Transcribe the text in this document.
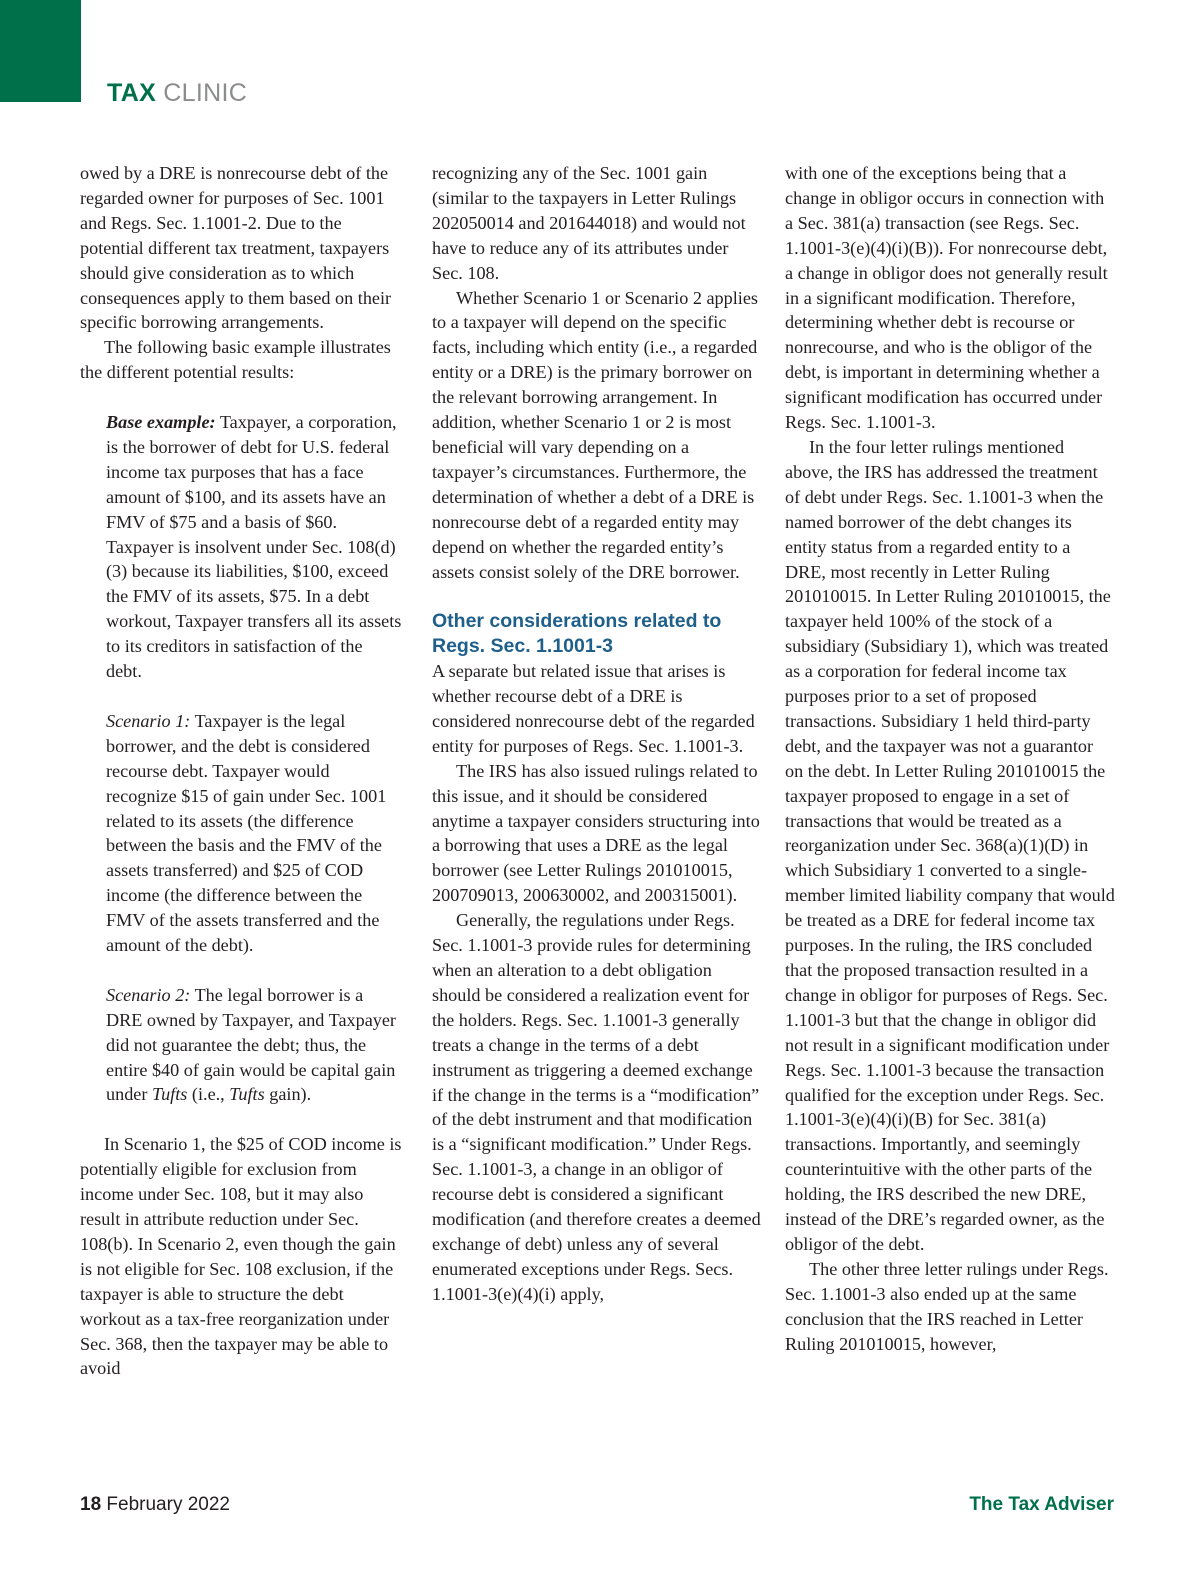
TAX CLINIC

owed by a DRE is nonrecourse debt of the regarded owner for purposes of Sec. 1001 and Regs. Sec. 1.1001-2. Due to the potential different tax treatment, taxpayers should give consideration as to which consequences apply to them based on their specific borrowing arrangements.

The following basic example illustrates the different potential results:

Base example: Taxpayer, a corporation, is the borrower of debt for U.S. federal income tax purposes that has a face amount of $100, and its assets have an FMV of $75 and a basis of $60. Taxpayer is insolvent under Sec. 108(d)(3) because its liabilities, $100, exceed the FMV of its assets, $75. In a debt workout, Taxpayer transfers all its assets to its creditors in satisfaction of the debt.

Scenario 1: Taxpayer is the legal borrower, and the debt is considered recourse debt. Taxpayer would recognize $15 of gain under Sec. 1001 related to its assets (the difference between the basis and the FMV of the assets transferred) and $25 of COD income (the difference between the FMV of the assets transferred and the amount of the debt).

Scenario 2: The legal borrower is a DRE owned by Taxpayer, and Taxpayer did not guarantee the debt; thus, the entire $40 of gain would be capital gain under Tufts (i.e., Tufts gain).

In Scenario 1, the $25 of COD income is potentially eligible for exclusion from income under Sec. 108, but it may also result in attribute reduction under Sec. 108(b). In Scenario 2, even though the gain is not eligible for Sec. 108 exclusion, if the taxpayer is able to structure the debt workout as a tax-free reorganization under Sec. 368, then the taxpayer may be able to avoid

recognizing any of the Sec. 1001 gain (similar to the taxpayers in Letter Rulings 202050014 and 201644018) and would not have to reduce any of its attributes under Sec. 108.

Whether Scenario 1 or Scenario 2 applies to a taxpayer will depend on the specific facts, including which entity (i.e., a regarded entity or a DRE) is the primary borrower on the relevant borrowing arrangement. In addition, whether Scenario 1 or 2 is most beneficial will vary depending on a taxpayer’s circumstances. Furthermore, the determination of whether a debt of a DRE is nonrecourse debt of a regarded entity may depend on whether the regarded entity’s assets consist solely of the DRE borrower.

Other considerations related to Regs. Sec. 1.1001-3

A separate but related issue that arises is whether recourse debt of a DRE is considered nonrecourse debt of the regarded entity for purposes of Regs. Sec. 1.1001-3.

The IRS has also issued rulings related to this issue, and it should be considered anytime a taxpayer considers structuring into a borrowing that uses a DRE as the legal borrower (see Letter Rulings 201010015, 200709013, 200630002, and 200315001).

Generally, the regulations under Regs. Sec. 1.1001-3 provide rules for determining when an alteration to a debt obligation should be considered a realization event for the holders. Regs. Sec. 1.1001-3 generally treats a change in the terms of a debt instrument as triggering a deemed exchange if the change in the terms is a “modification” of the debt instrument and that modification is a “significant modification.” Under Regs. Sec. 1.1001-3, a change in an obligor of recourse debt is considered a significant modification (and therefore creates a deemed exchange of debt) unless any of several enumerated exceptions under Regs. Secs. 1.1001-3(e)(4)(i) apply,

with one of the exceptions being that a change in obligor occurs in connection with a Sec. 381(a) transaction (see Regs. Sec. 1.1001-3(e)(4)(i)(B)). For nonrecourse debt, a change in obligor does not generally result in a significant modification. Therefore, determining whether debt is recourse or nonrecourse, and who is the obligor of the debt, is important in determining whether a significant modification has occurred under Regs. Sec. 1.1001-3.

In the four letter rulings mentioned above, the IRS has addressed the treatment of debt under Regs. Sec. 1.1001-3 when the named borrower of the debt changes its entity status from a regarded entity to a DRE, most recently in Letter Ruling 201010015. In Letter Ruling 201010015, the taxpayer held 100% of the stock of a subsidiary (Subsidiary 1), which was treated as a corporation for federal income tax purposes prior to a set of proposed transactions. Subsidiary 1 held third-party debt, and the taxpayer was not a guarantor on the debt. In Letter Ruling 201010015 the taxpayer proposed to engage in a set of transactions that would be treated as a reorganization under Sec. 368(a)(1)(D) in which Subsidiary 1 converted to a single-member limited liability company that would be treated as a DRE for federal income tax purposes. In the ruling, the IRS concluded that the proposed transaction resulted in a change in obligor for purposes of Regs. Sec. 1.1001-3 but that the change in obligor did not result in a significant modification under Regs. Sec. 1.1001-3 because the transaction qualified for the exception under Regs. Sec. 1.1001-3(e)(4)(i)(B) for Sec. 381(a) transactions. Importantly, and seemingly counterintuitive with the other parts of the holding, the IRS described the new DRE, instead of the DRE’s regarded owner, as the obligor of the debt.

The other three letter rulings under Regs. Sec. 1.1001-3 also ended up at the same conclusion that the IRS reached in Letter Ruling 201010015, however,

18 February 2022	The Tax Adviser
